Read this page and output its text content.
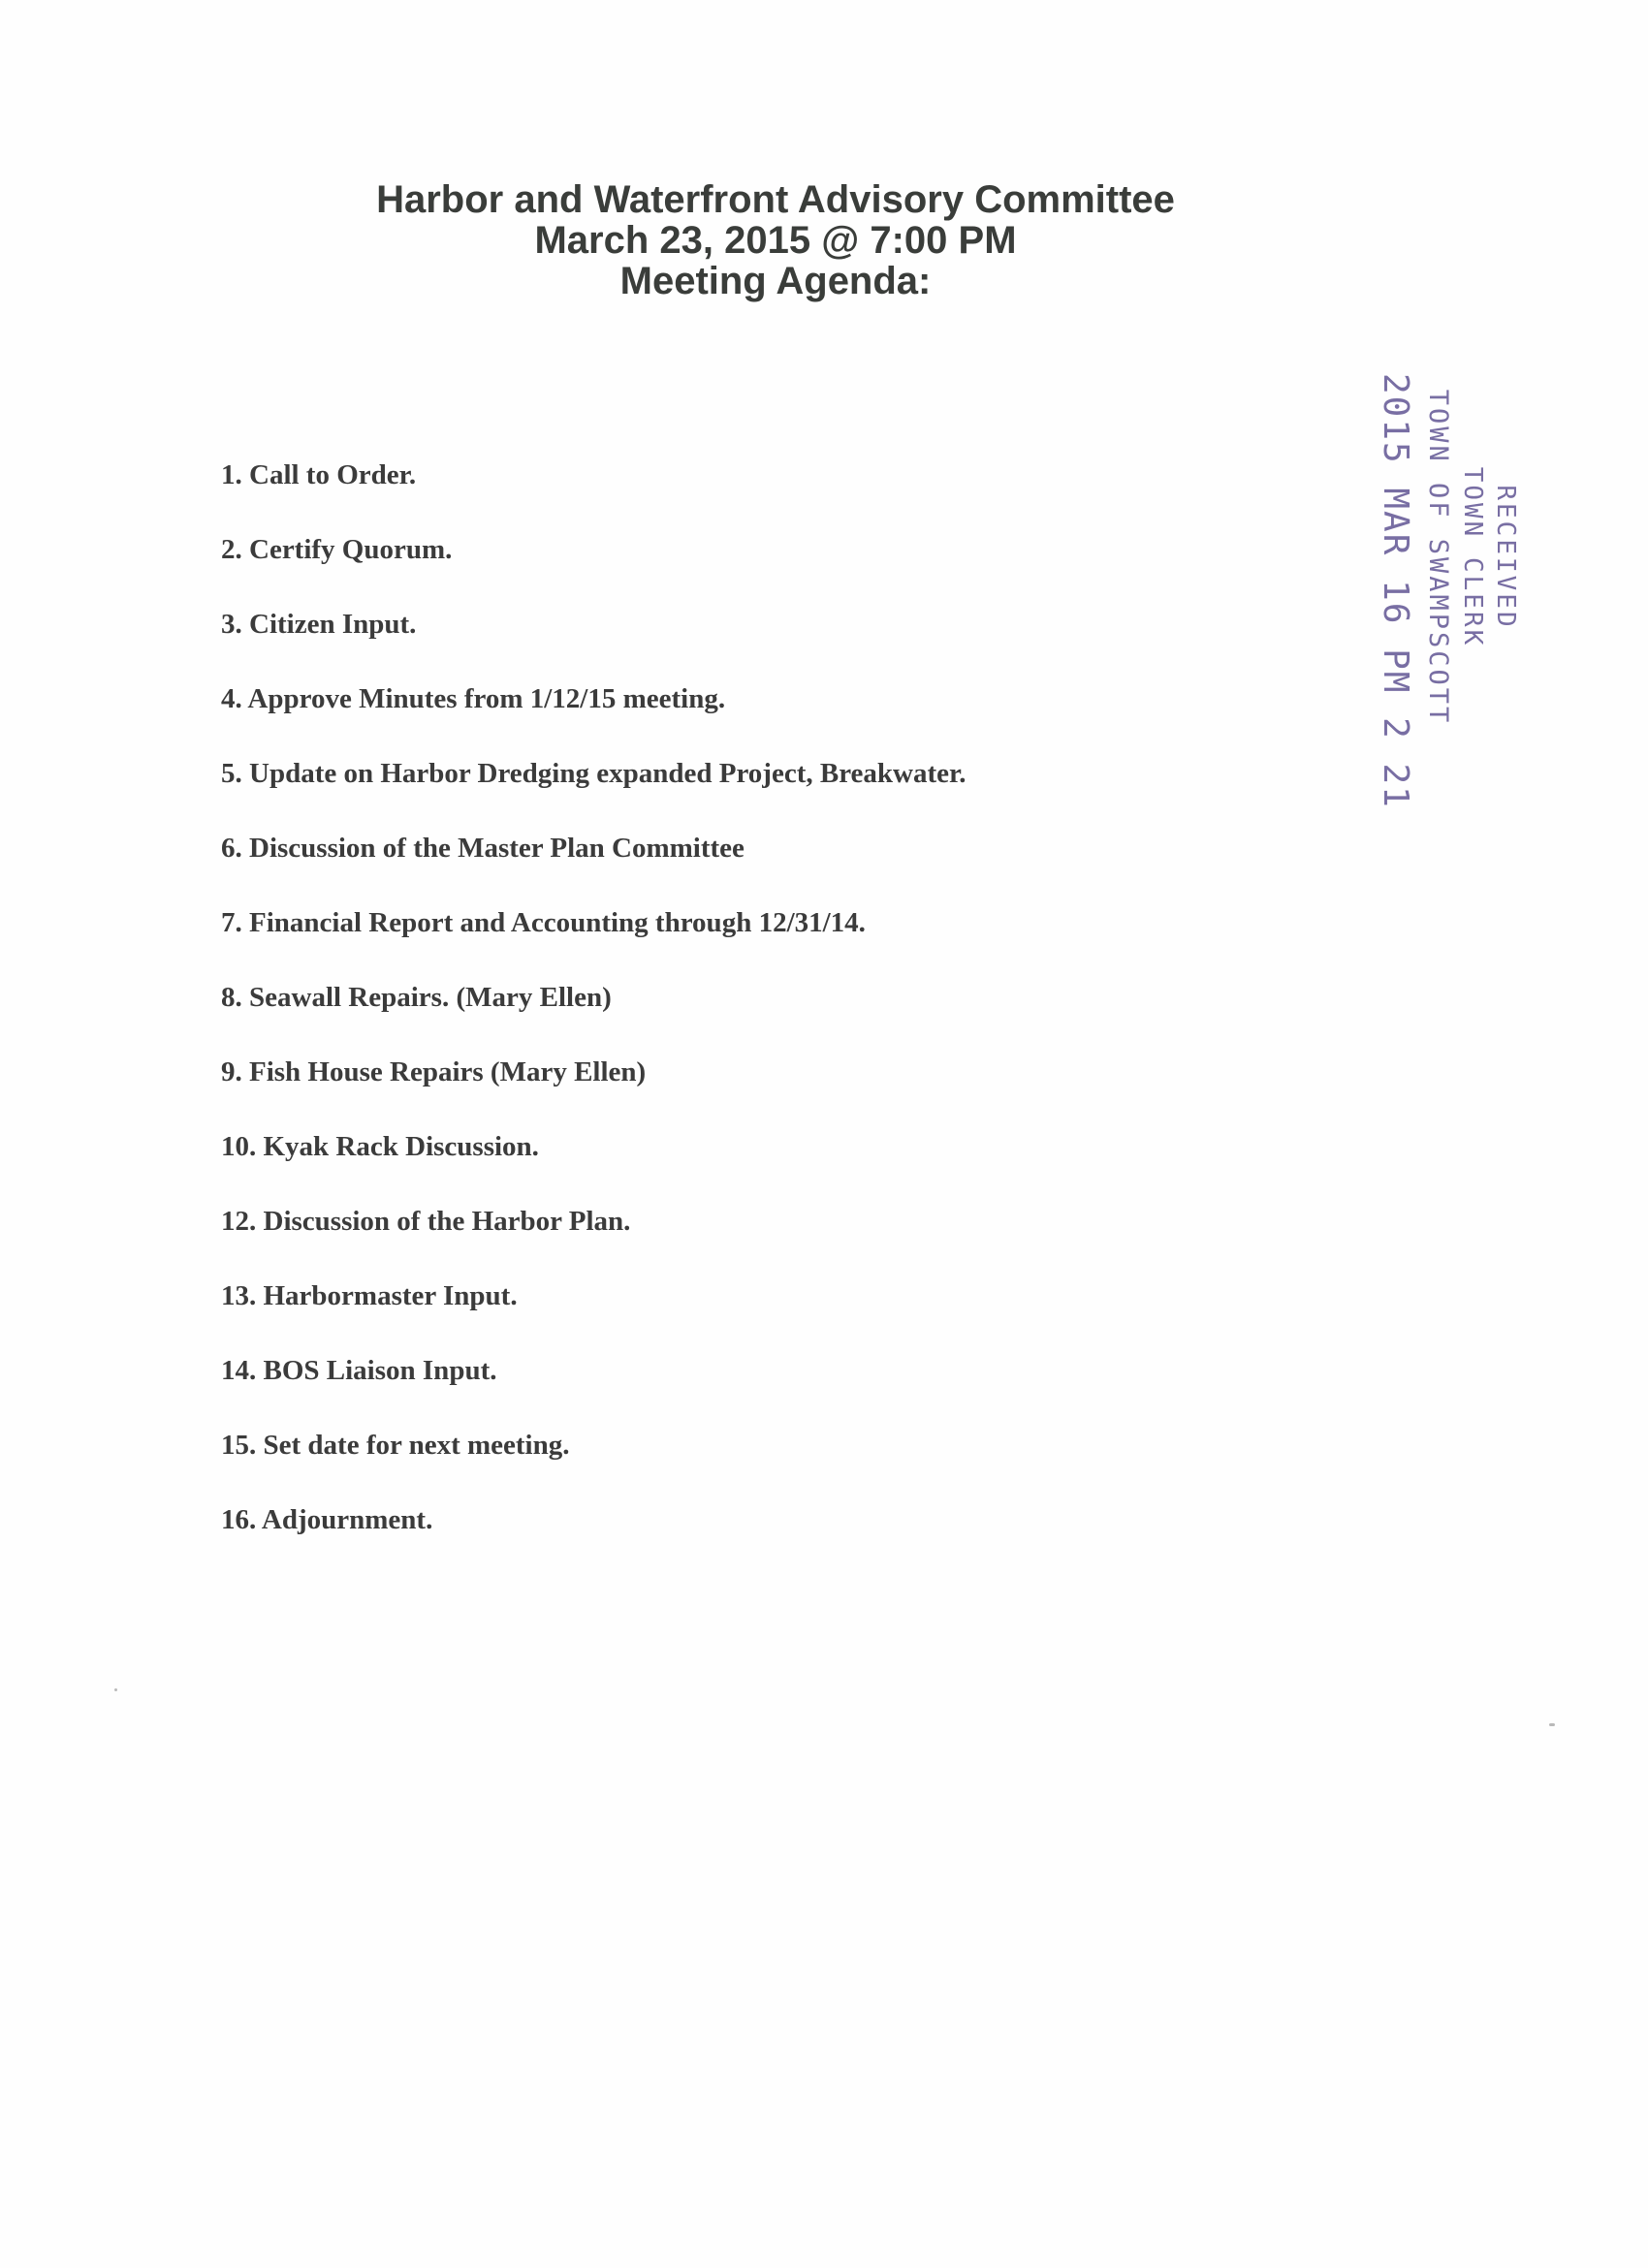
Harbor and Waterfront Advisory Committee
March 23, 2015 @ 7:00 PM
Meeting Agenda:
1. Call to Order.
2. Certify Quorum.
3. Citizen Input.
4. Approve Minutes from 1/12/15 meeting.
5. Update on Harbor Dredging expanded Project, Breakwater.
6. Discussion of the Master Plan Committee
7. Financial Report and Accounting through 12/31/14.
8. Seawall Repairs. (Mary Ellen)
9. Fish House Repairs (Mary Ellen)
10. Kyak Rack Discussion.
12. Discussion of the Harbor Plan.
13. Harbormaster Input.
14. BOS Liaison Input.
15. Set date for next meeting.
16. Adjournment.
RECEIVED
TOWN CLERK
TOWN OF SWAMPSCOTT
2015 MAR 16 PM 2 21
